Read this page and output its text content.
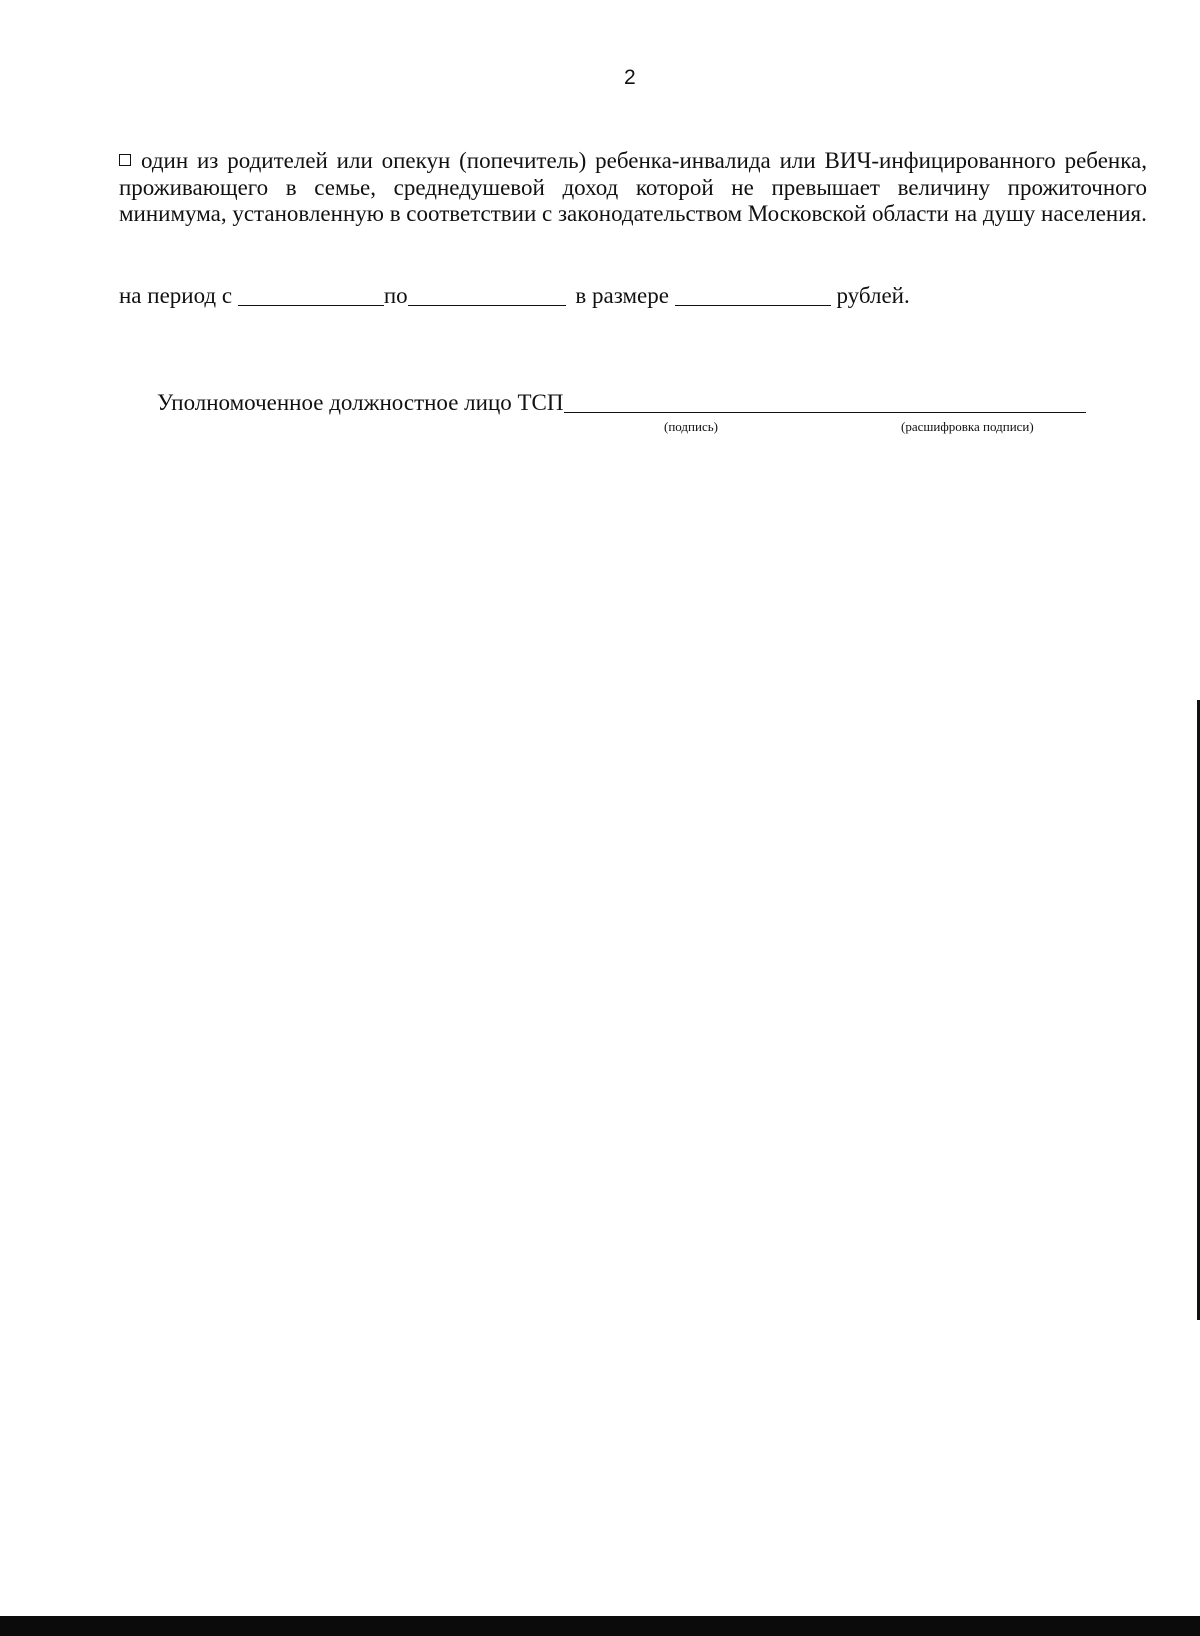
2
один из родителей или опекун (попечитель) ребенка-инвалида или ВИЧ-инфицированного ребенка, проживающего в семье, среднедушевой доход которой не превышает величину прожиточного минимума, установленную в соответствии с законодательством Московской области на душу населения.
на период с	по	в размере	рублей.
Уполномоченное должностное лицо ТСП
(подпись)	(расшифровка подписи)
